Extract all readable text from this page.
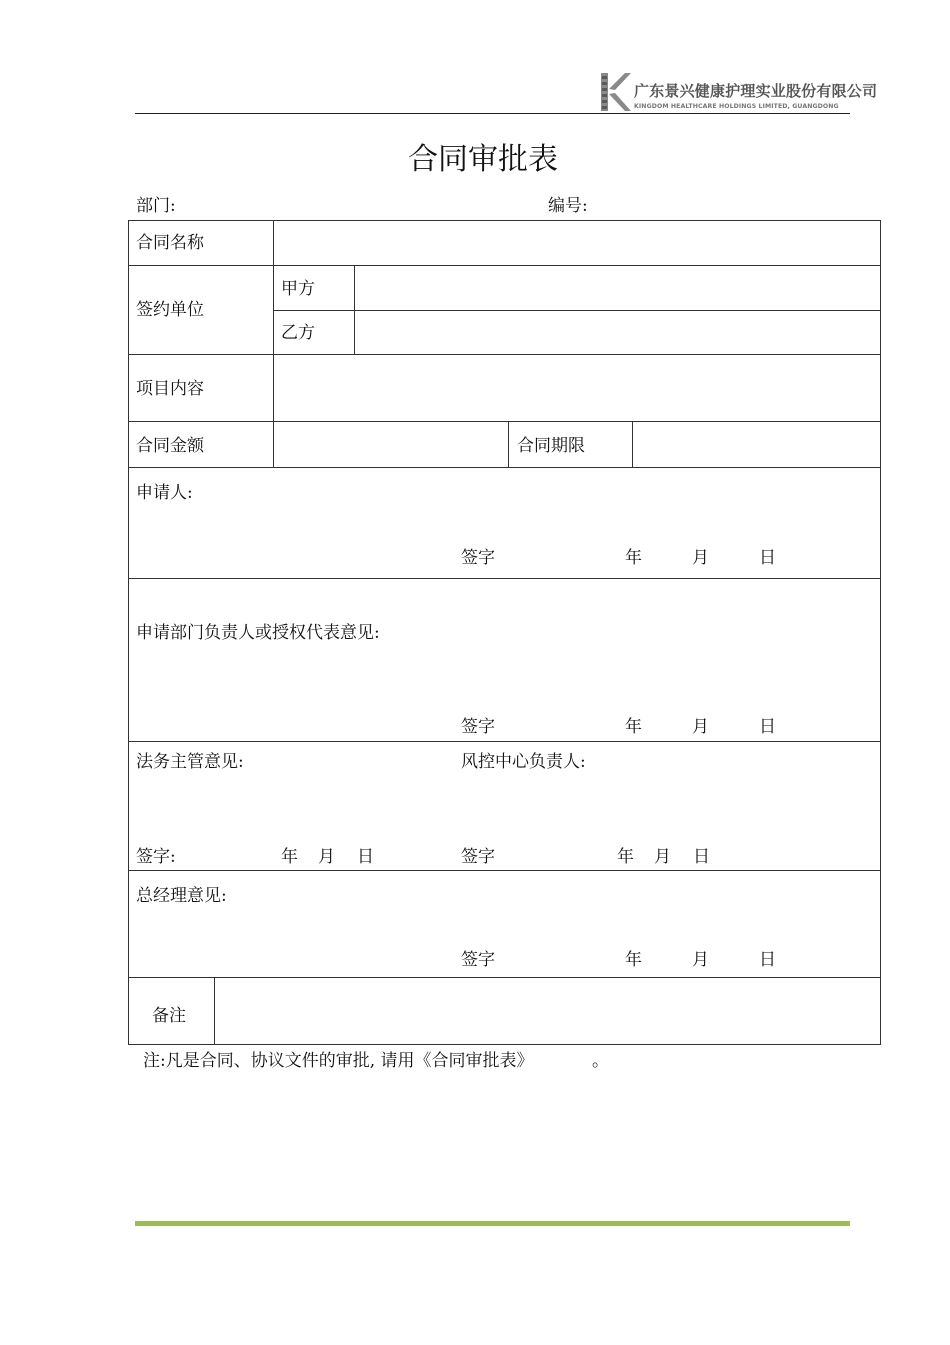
广东景兴健康护理实业股份有限公司
KINGDOM HEALTHCARE HOLDINGS LIMITED, GUANGDONG
合同审批表
部门:	编号:
合同名称
签约单位
甲方
乙方
项目内容
合同金额	合同期限
申请人:
签字	年	月	日
申请部门负责人或授权代表意见:
签字	年	月	日
法务主管意见:	风控中心负责人:
签字:	年 月 日	签字	年 月 日
总经理意见:
签字	年	月	日
备注
注:凡是合同、协议文件的审批, 请用《合同审批表》	。
